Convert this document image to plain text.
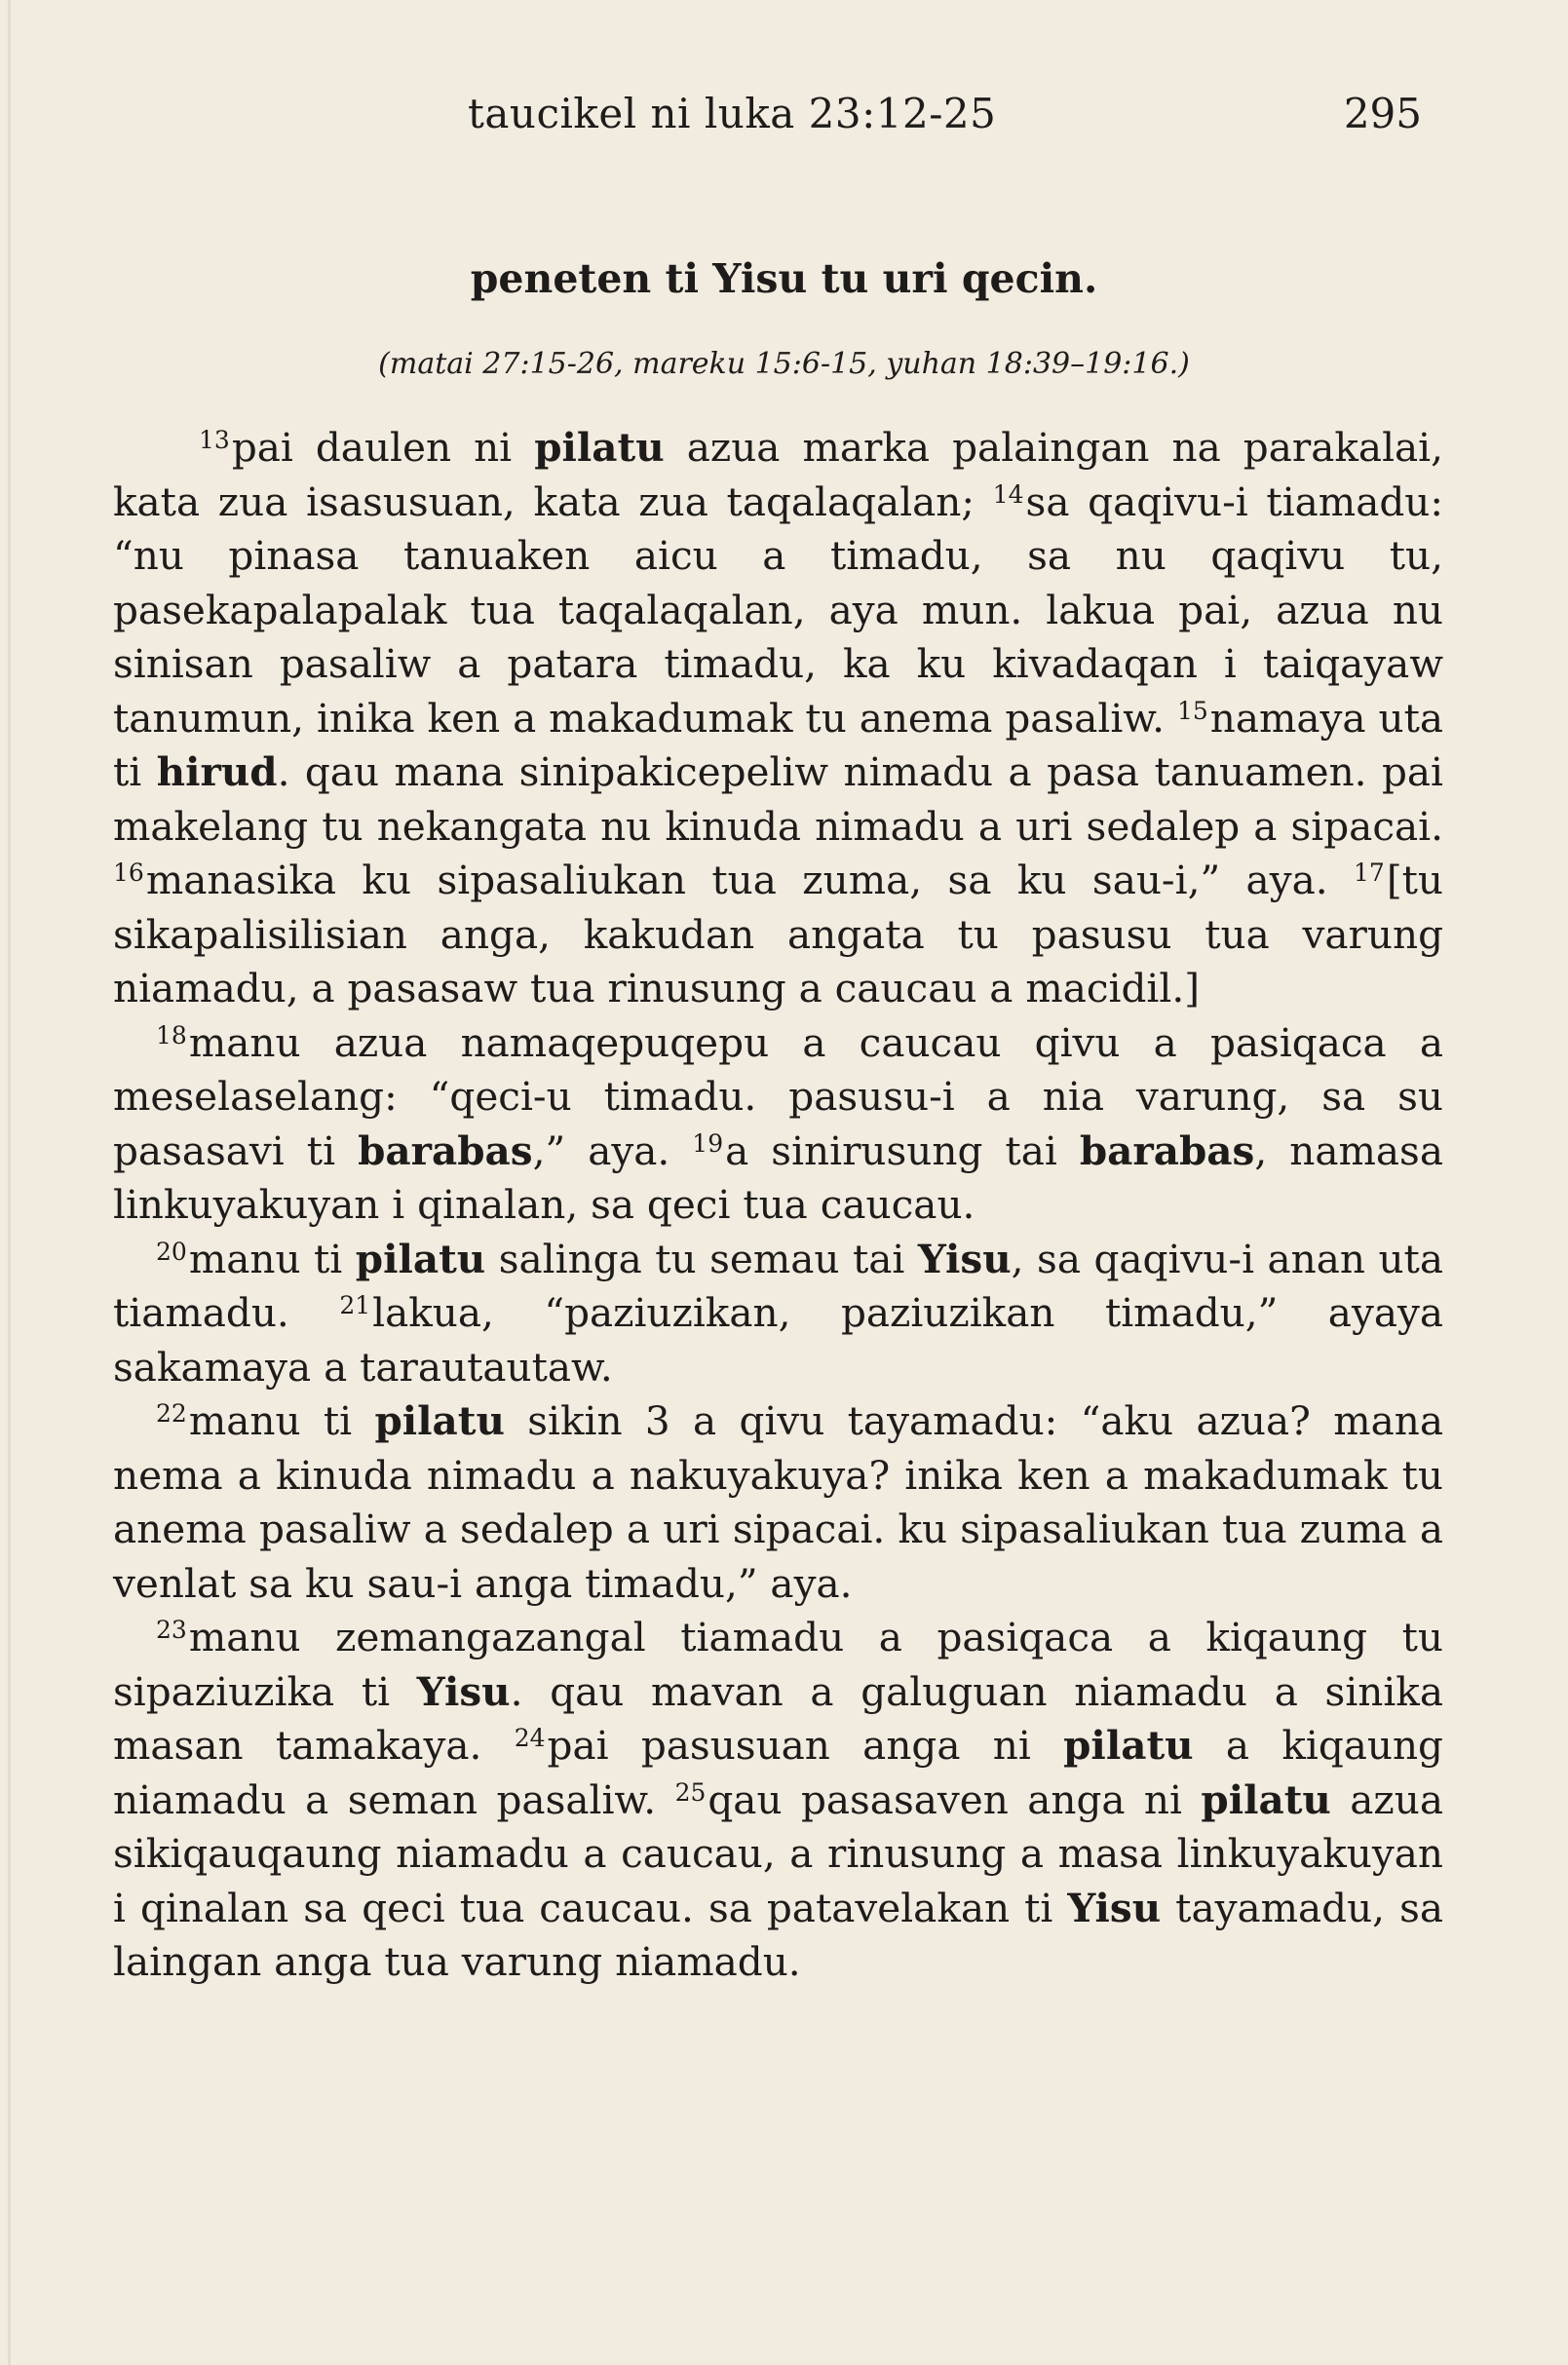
taucikel ni luka 23:12-25	295
peneten ti Yisu tu uri qecin.
(matai 27:15-26, mareku 15:6-15, yuhan 18:39–19:16.)

$^{13}$pai daulen ni pilatu azua marka palaingan na parakalai, kata zua isasusuan, kata zua taqalaqalan; $^{14}$sa qaqivu-i tiamadu: “nu pinasa tanuaken aicu a timadu, sa nu qaqivu tu, pasekapalapalak tua taqalaqalan, aya mun. lakua pai, azua nu sinisan pasaliw a patara timadu, ka ku kivadaqan i taiqayaw tanumun, inika ken a makadumak tu anema pasaliw. $^{15}$namaya uta ti hirud. qau mana sinipakicepeliw nimadu a pasa tanuamen. pai makelang tu nekangata nu kinuda nimadu a uri sedalep a sipacai. $^{16}$manasika ku sipasaliukan tua zuma, sa ku sau-i,” aya. $^{17}$[tu sikapalisilisian anga, kakudan angata tu pasusu tua varung niamadu, a pasasaw tua rinusung a caucau a macidil.]

$^{18}$manu azua namaqepuqepu a caucau qivu a pasiqaca a meselaselang: “qeci-u timadu. pasusu-i a nia varung, sa su pasasavi ti barabas,” aya. $^{19}$a sinirusung tai barabas, namasa linkuyakuyan i qinalan, sa qeci tua caucau.

$^{20}$manu ti pilatu salinga tu semau tai Yisu, sa qaqivu-i anan uta tiamadu. $^{21}$lakua, “paziuzikan, paziuzikan timadu,” ayaya sakamaya a tarautautaw.

$^{22}$manu ti pilatu sikin 3 a qivu tayamadu: “aku azua? mana nema a kinuda nimadu a nakuyakuya? inika ken a makadumak tu anema pasaliw a sedalep a uri sipacai. ku sipasaliukan tua zuma a venlat sa ku sau-i anga timadu,” aya.

$^{23}$manu zemangazangal tiamadu a pasiqaca a kiqaung tu sipaziuzika ti Yisu. qau mavan a galuguan niamadu a sinika masan tamakaya. $^{24}$pai pasusuan anga ni pilatu a kiqaung niamadu a seman pasaliw. $^{25}$qau pasasaven anga ni pilatu azua sikiqauqaung niamadu a caucau, a rinusung a masa linkuyakuyan i qinalan sa qeci tua caucau. sa patavelakan ti Yisu tayamadu, sa laingan anga tua varung niamadu.
